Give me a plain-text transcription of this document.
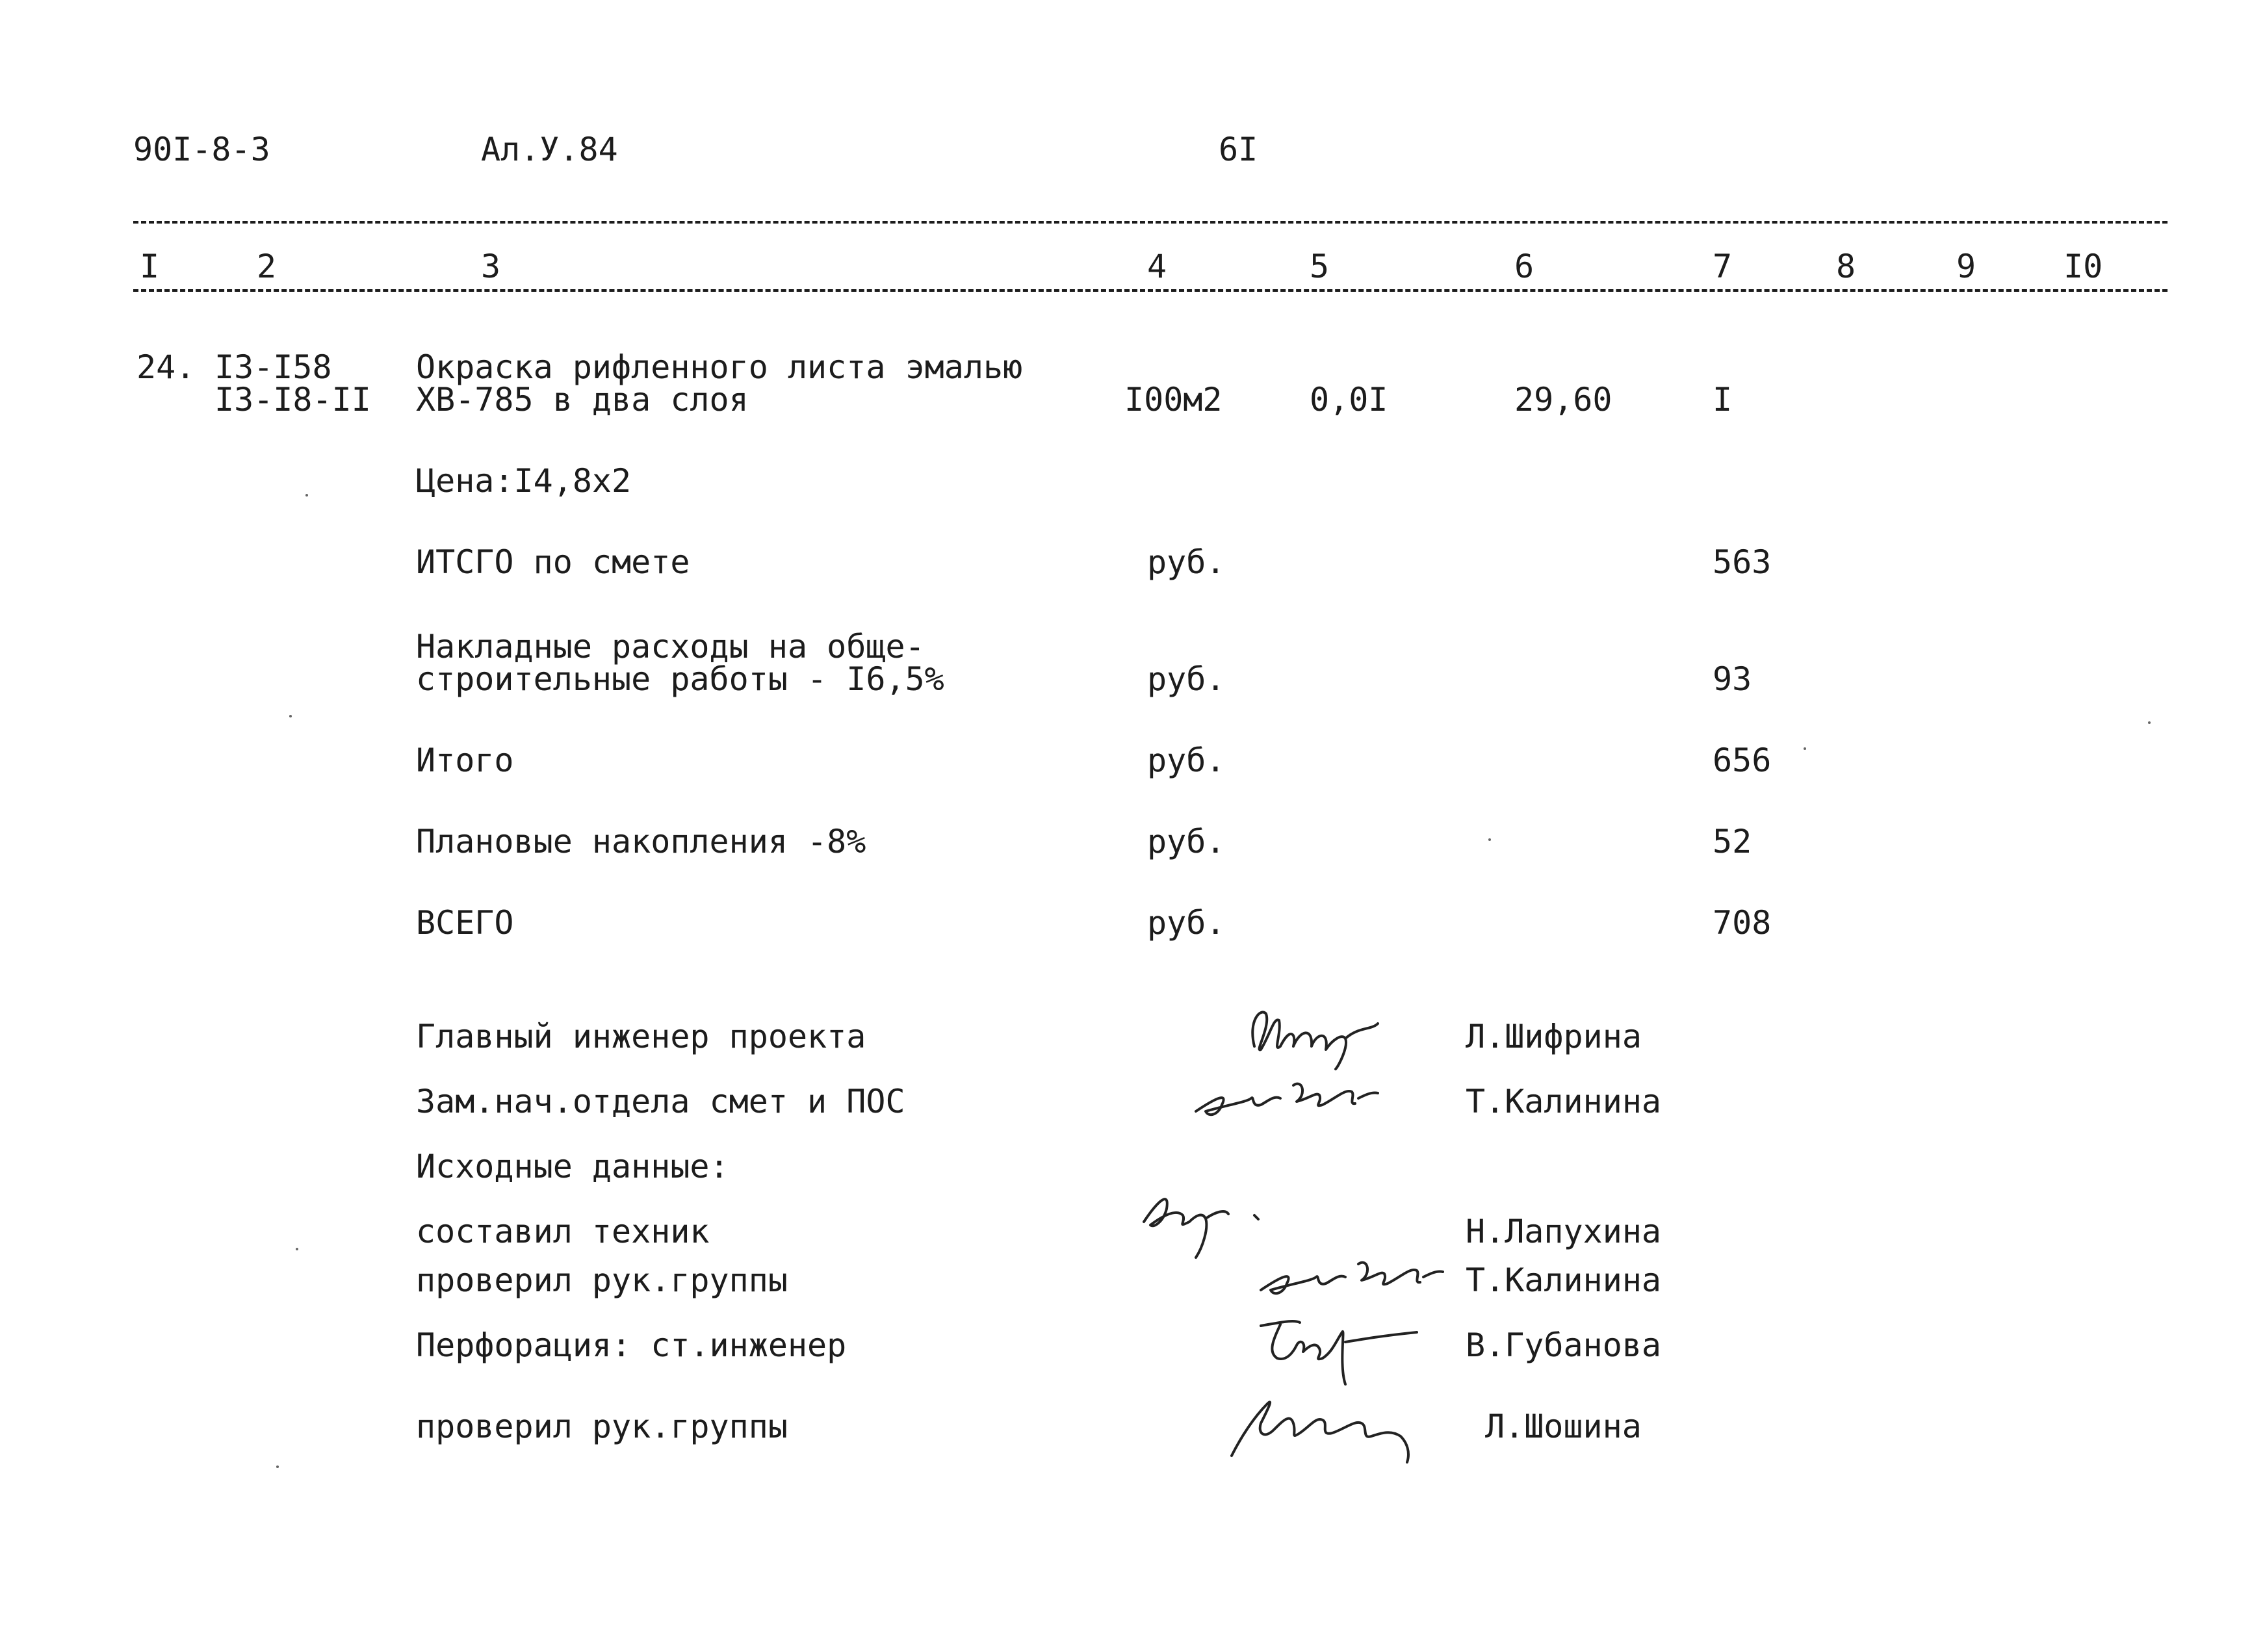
90I-8-3	Ал.У.84	6I
I	2	3	4	5	6	7	8	9	I0
24. I3-I58
I3-I8-II
Окраска рифленного листа эмалью
ХВ-785 в два слоя	I00м2	0,0I	29,60	I
Цена:I4,8х2
ИТСГО по смете	руб.	563
Накладные расходы на обще-
строительные работы - I6,5%	руб.	93
Итого	руб.	656
Плановые накопления -8%	руб.	52
ВСЕГО	руб.	708
Главный инженер проекта	Л.Шифрина
Зам.нач.отдела смет и ПОС	Т.Калинина
Исходные данные:
составил техник	Н.Лапухина
проверил рук.группы	Т.Калинина
Перфорация: ст.инженер	В.Губанова
проверил рук.группы	Л.Шошина
